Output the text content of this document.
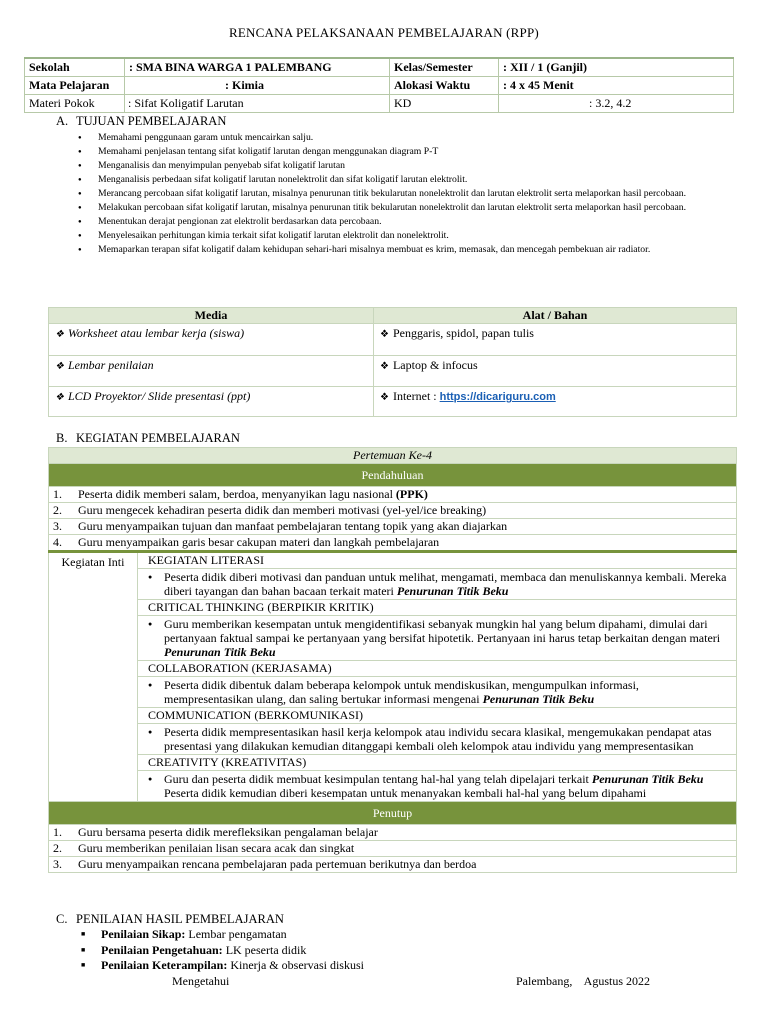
RENCANA PELAKSANAAN PEMBELAJARAN (RPP)
Sekolah	: SMA BINA WARGA 1 PALEMBANG	Kelas/Semester	: XII / 1 (Ganjil)
Mata Pelajaran	: Kimia	Alokasi Waktu	: 4 x 45 Menit
Materi Pokok	: Sifat Koligatif Larutan	KD	: 3.2, 4.2
A. TUJUAN PEMBELAJARAN
● Memahami penggunaan garam untuk mencairkan salju.
● Memahami penjelasan tentang sifat koligatif larutan dengan menggunakan diagram P-T
● Menganalisis dan menyimpulan penyebab sifat koligatif larutan
● Menganalisis perbedaan sifat koligatif larutan nonelektrolit dan sifat koligatif larutan elektrolit.
● Merancang percobaan sifat koligatif larutan, misalnya penurunan titik bekularutan nonelektrolit dan larutan elektrolit serta melaporkan hasil percobaan.
● Melakukan percobaan sifat koligatif larutan, misalnya penurunan titik bekularutan nonelektrolit dan larutan elektrolit serta melaporkan hasil percobaan.
● Menentukan derajat pengionan zat elektrolit berdasarkan data percobaan.
● Menyelesaikan perhitungan kimia terkait sifat koligatif larutan elektrolit dan nonelektrolit.
● Memaparkan terapan sifat koligatif dalam kehidupan sehari-hari misalnya membuat es krim, memasak, dan mencegah pembekuan air radiator.
Media	Alat / Bahan
❖ Worksheet atau lembar kerja (siswa)	❖ Penggaris, spidol, papan tulis
❖ Lembar penilaian	❖ Laptop & infocus
❖ LCD Proyektor/ Slide presentasi (ppt)	❖ Internet : https://dicariguru.com
B. KEGIATAN PEMBELAJARAN
Pertemuan Ke-4
Pendahuluan
1. Peserta didik memberi salam, berdoa, menyanyikan lagu nasional (PPK)
2. Guru mengecek kehadiran peserta didik dan memberi motivasi (yel-yel/ice breaking)
3. Guru menyampaikan tujuan dan manfaat pembelajaran tentang topik yang akan diajarkan
4. Guru menyampaikan garis besar cakupan materi dan langkah pembelajaran
Kegiatan Inti	KEGIATAN LITERASI

● Peserta didik diberi motivasi dan panduan untuk melihat, mengamati, membaca dan menuliskannya kembali. Mereka diberi tayangan dan bahan bacaan terkait materi Penurunan Titik Beku

CRITICAL THINKING (BERPIKIR KRITIK)

● Guru memberikan kesempatan untuk mengidentifikasi sebanyak mungkin hal yang belum dipahami, dimulai dari pertanyaan faktual sampai ke pertanyaan yang bersifat hipotetik. Pertanyaan ini harus tetap berkaitan dengan materi Penurunan Titik Beku

COLLABORATION (KERJASAMA)

● Peserta didik dibentuk dalam beberapa kelompok untuk mendiskusikan, mengumpulkan informasi, mempresentasikan ulang, dan saling bertukar informasi mengenai Penurunan Titik Beku

COMMUNICATION (BERKOMUNIKASI)

● Peserta didik mempresentasikan hasil kerja kelompok atau individu secara klasikal, mengemukakan pendapat atas presentasi yang dilakukan kemudian ditanggapi kembali oleh kelompok atau individu yang mempresentasikan

CREATIVITY (KREATIVITAS)

● Guru dan peserta didik membuat kesimpulan tentang hal-hal yang telah dipelajari terkait Penurunan Titik Beku Peserta didik kemudian diberi kesempatan untuk menanyakan kembali hal-hal yang belum dipahami

Penutup
1. Guru bersama peserta didik merefleksikan pengalaman belajar
2. Guru memberikan penilaian lisan secara acak dan singkat
3. Guru menyampaikan rencana pembelajaran pada pertemuan berikutnya dan berdoa
C. PENILAIAN HASIL PEMBELAJARAN
■ Penilaian Sikap: Lembar pengamatan
■ Penilaian Pengetahuan: LK peserta didik
■ Penilaian Keterampilan: Kinerja & observasi diskusi
Mengetahui	Palembang,    Agustus 2022
